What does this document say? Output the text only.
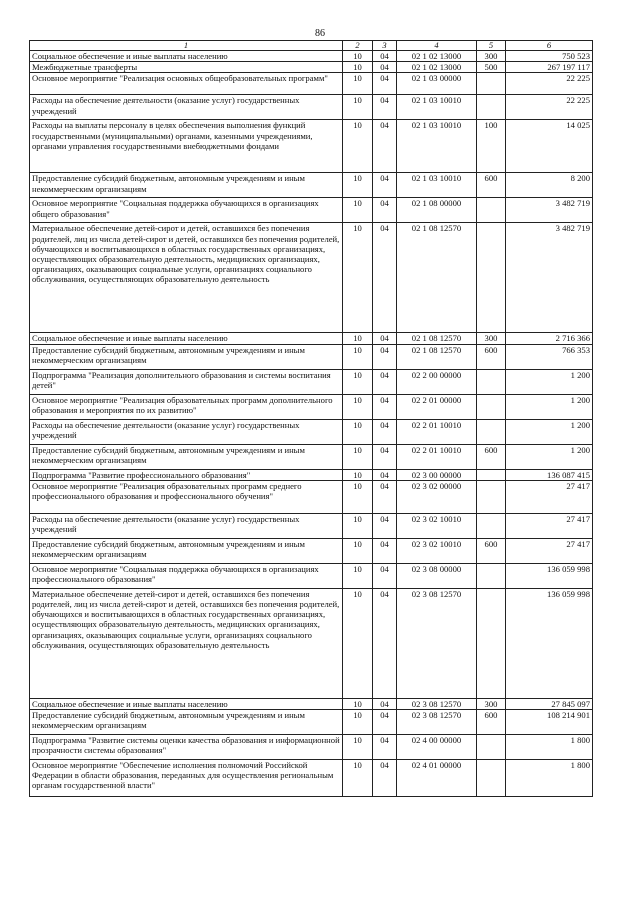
86
1	2	3	4	5	6
Социальное обеспечение и иные выплаты населению	10	04	02 1 02 13000	300	750 523
Межбюджетные трансферты	10	04	02 1 02 13000	500	267 197 117
Основное мероприятие "Реализация основных общеобразовательных программ"	10	04	02 1 03 00000		22 225
Расходы на обеспечение деятельности (оказание услуг) государственных учреждений	10	04	02 1 03 10010		22 225
Расходы на выплаты персоналу в целях обеспечения выполнения функций государственными (муниципальными) органами, казенными учреждениями, органами управления государственными внебюджетными фондами	10	04	02 1 03 10010	100	14 025
Предоставление субсидий бюджетным, автономным учреждениям и иным некоммерческим организациям	10	04	02 1 03 10010	600	8 200
Основное мероприятие "Социальная поддержка обучающихся в организациях общего образования"	10	04	02 1 08 00000		3 482 719
Материальное обеспечение детей-сирот и детей, оставшихся без попечения родителей, лиц из числа детей-сирот и детей, оставшихся без попечения родителей, обучающихся и воспитывающихся в областных государственных организациях, осуществляющих образовательную деятельность, медицинских организациях, организациях, оказывающих социальные услуги, организациях социального обслуживания, осуществляющих образовательную деятельность	10	04	02 1 08 12570		3 482 719
Социальное обеспечение и иные выплаты населению	10	04	02 1 08 12570	300	2 716 366
Предоставление субсидий бюджетным, автономным учреждениям и иным некоммерческим организациям	10	04	02 1 08 12570	600	766 353
Подпрограмма "Реализация дополнительного образования и системы воспитания детей"	10	04	02 2 00 00000		1 200
Основное мероприятие "Реализация образовательных программ дополнительного образования и мероприятия по их развитию"	10	04	02 2 01 00000		1 200
Расходы на обеспечение деятельности (оказание услуг) государственных учреждений	10	04	02 2 01 10010		1 200
Предоставление субсидий бюджетным, автономным учреждениям и иным некоммерческим организациям	10	04	02 2 01 10010	600	1 200
Подпрограмма "Развитие профессионального образования"	10	04	02 3 00 00000		136 087 415
Основное мероприятие "Реализация образовательных программ среднего профессионального образования и профессионального обучения"	10	04	02 3 02 00000		27 417
Расходы на обеспечение деятельности (оказание услуг) государственных учреждений	10	04	02 3 02 10010		27 417
Предоставление субсидий бюджетным, автономным учреждениям и иным некоммерческим организациям	10	04	02 3 02 10010	600	27 417
Основное мероприятие "Социальная поддержка обучающихся в организациях профессионального образования"	10	04	02 3 08 00000		136 059 998
Материальное обеспечение детей-сирот и детей, оставшихся без попечения родителей, лиц из числа детей-сирот и детей, оставшихся без попечения родителей, обучающихся и воспитывающихся в областных государственных организациях, осуществляющих образовательную деятельность, медицинских организациях, организациях, оказывающих социальные услуги, организациях социального обслуживания, осуществляющих образовательную деятельность	10	04	02 3 08 12570		136 059 998
Социальное обеспечение и иные выплаты населению	10	04	02 3 08 12570	300	27 845 097
Предоставление субсидий бюджетным, автономным учреждениям и иным некоммерческим организациям	10	04	02 3 08 12570	600	108 214 901
Подпрограмма "Развитие системы оценки качества образования и информационной прозрачности системы образования"	10	04	02 4 00 00000		1 800
Основное мероприятие "Обеспечение исполнения полномочий Российской Федерации в области образования, переданных для осуществления региональным органам государственной власти"	10	04	02 4 01 00000		1 800
